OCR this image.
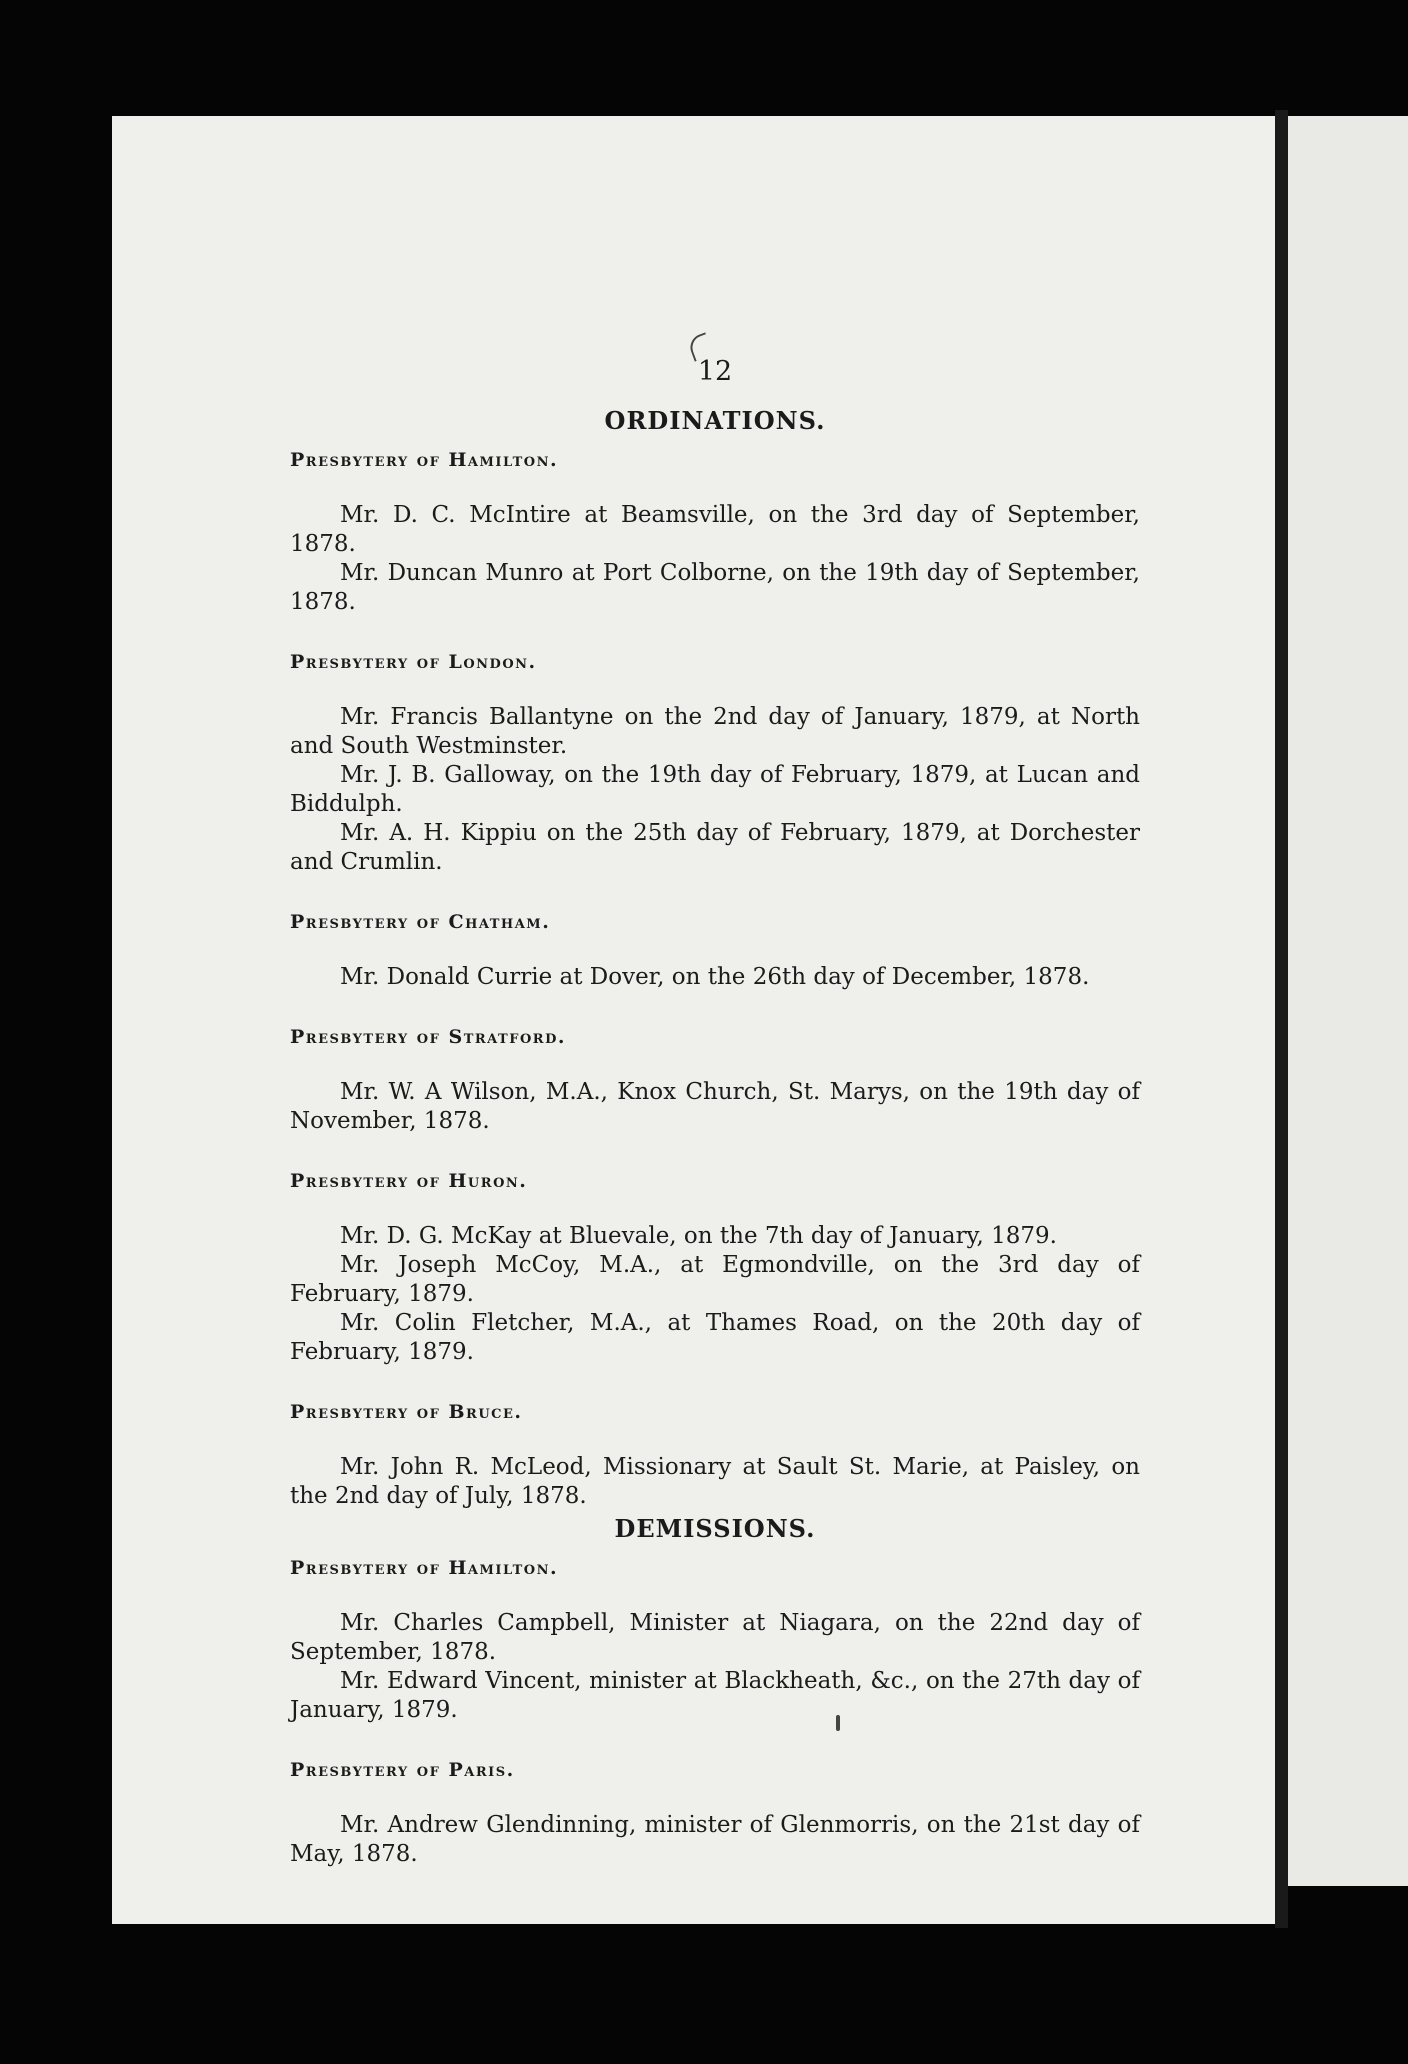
12
ORDINATIONS.
Presbytery of Hamilton.

Mr. D. C. McIntire at Beamsville, on the 3rd day of September, 1878.

Mr. Duncan Munro at Port Colborne, on the 19th day of September, 1878.

Presbytery of London.

Mr. Francis Ballantyne on the 2nd day of January, 1879, at North and South Westminster.

Mr. J. B. Galloway, on the 19th day of February, 1879, at Lucan and Biddulph.

Mr. A. H. Kippiu on the 25th day of February, 1879, at Dorchester and Crumlin.

Presbytery of Chatham.

Mr. Donald Currie at Dover, on the 26th day of December, 1878.

Presbytery of Stratford.

Mr. W. A Wilson, M.A., Knox Church, St. Marys, on the 19th day of November, 1878.

Presbytery of Huron.

Mr. D. G. McKay at Bluevale, on the 7th day of January, 1879.

Mr. Joseph McCoy, M.A., at Egmondville, on the 3rd day of February, 1879.

Mr. Colin Fletcher, M.A., at Thames Road, on the 20th day of February, 1879.

Presbytery of Bruce.

Mr. John R. McLeod, Missionary at Sault St. Marie, at Paisley, on the 2nd day of July, 1878.

DEMISSIONS.
Presbytery of Hamilton.

Mr. Charles Campbell, Minister at Niagara, on the 22nd day of September, 1878.

Mr. Edward Vincent, minister at Blackheath, &c., on the 27th day of January, 1879.

Presbytery of Paris.

Mr. Andrew Glendinning, minister of Glenmorris, on the 21st day of May, 1878.
